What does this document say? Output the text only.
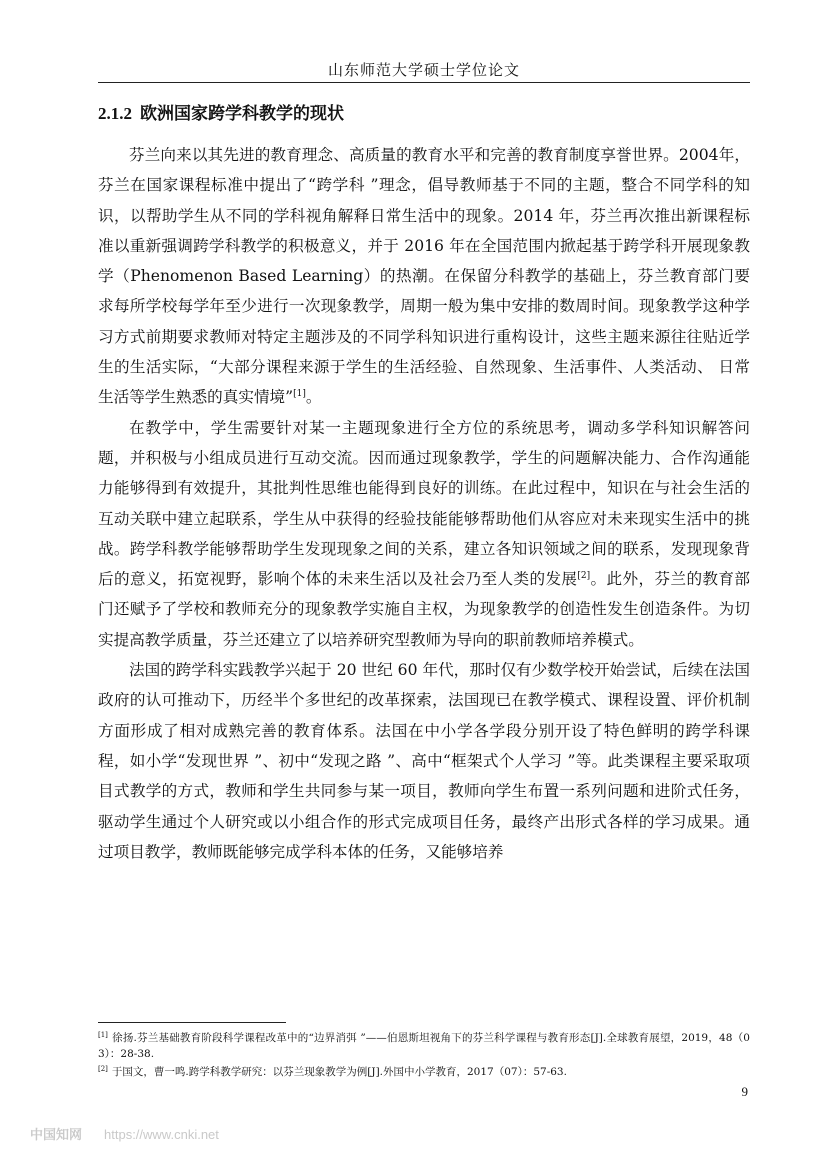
山东师范大学硕士学位论文
2.1.2 欧洲国家跨学科教学的现状

芬兰向来以其先进的教育理念、高质量的教育水平和完善的教育制度享誉世界。2004年，芬兰在国家课程标准中提出了“跨学科 ”理念，倡导教师基于不同的主题，整合不同学科的知识，以帮助学生从不同的学科视角解释日常生活中的现象。2014 年，芬兰再次推出新课程标准以重新强调跨学科教学的积极意义，并于 2016 年在全国范围内掀起基于跨学科开展现象教学（Phenomenon Based Learning）的热潮。在保留分科教学的基础上，芬兰教育部门要求每所学校每学年至少进行一次现象教学，周期一般为集中安排的数周时间。现象教学这种学习方式前期要求教师对特定主题涉及的不同学科知识进行重构设计，这些主题来源往往贴近学生的生活实际，“大部分课程来源于学生的生活经验、自然现象、生活事件、人类活动、 日常生活等学生熟悉的真实情境”[1]。

在教学中，学生需要针对某一主题现象进行全方位的系统思考，调动多学科知识解答问题，并积极与小组成员进行互动交流。因而通过现象教学，学生的问题解决能力、合作沟通能力能够得到有效提升，其批判性思维也能得到良好的训练。在此过程中，知识在与社会生活的互动关联中建立起联系，学生从中获得的经验技能能够帮助他们从容应对未来现实生活中的挑战。跨学科教学能够帮助学生发现现象之间的关系，建立各知识领域之间的联系，发现现象背后的意义，拓宽视野，影响个体的未来生活以及社会乃至人类的发展[2]。此外，芬兰的教育部门还赋予了学校和教师充分的现象教学实施自主权，为现象教学的创造性发生创造条件。为切实提高教学质量，芬兰还建立了以培养研究型教师为导向的职前教师培养模式。

法国的跨学科实践教学兴起于 20 世纪 60 年代，那时仅有少数学校开始尝试，后续在法国政府的认可推动下，历经半个多世纪的改革探索，法国现已在教学模式、课程设置、评价机制方面形成了相对成熟完善的教育体系。法国在中小学各学段分别开设了特色鲜明的跨学科课程，如小学“发现世界 ”、初中“发现之路 ”、高中“框架式个人学习 ”等。此类课程主要采取项目式教学的方式，教师和学生共同参与某一项目，教师向学生布置一系列问题和进阶式任务，驱动学生通过个人研究或以小组合作的形式完成项目任务，最终产出形式各样的学习成果。通过项目教学，教师既能够完成学科本体的任务，又能够培养

[1] 徐扬.芬兰基础教育阶段科学课程改革中的“边界消弭 ”——伯恩斯坦视角下的芬兰科学课程与教育形态[J].全球教育展望，2019，48（03）：28-38.

[2] 于国文，曹一鸣.跨学科教学研究：以芬兰现象教学为例[J].外国中小学教育，2017（07）：57-63.

9
中国知网 https://www.cnki.net
